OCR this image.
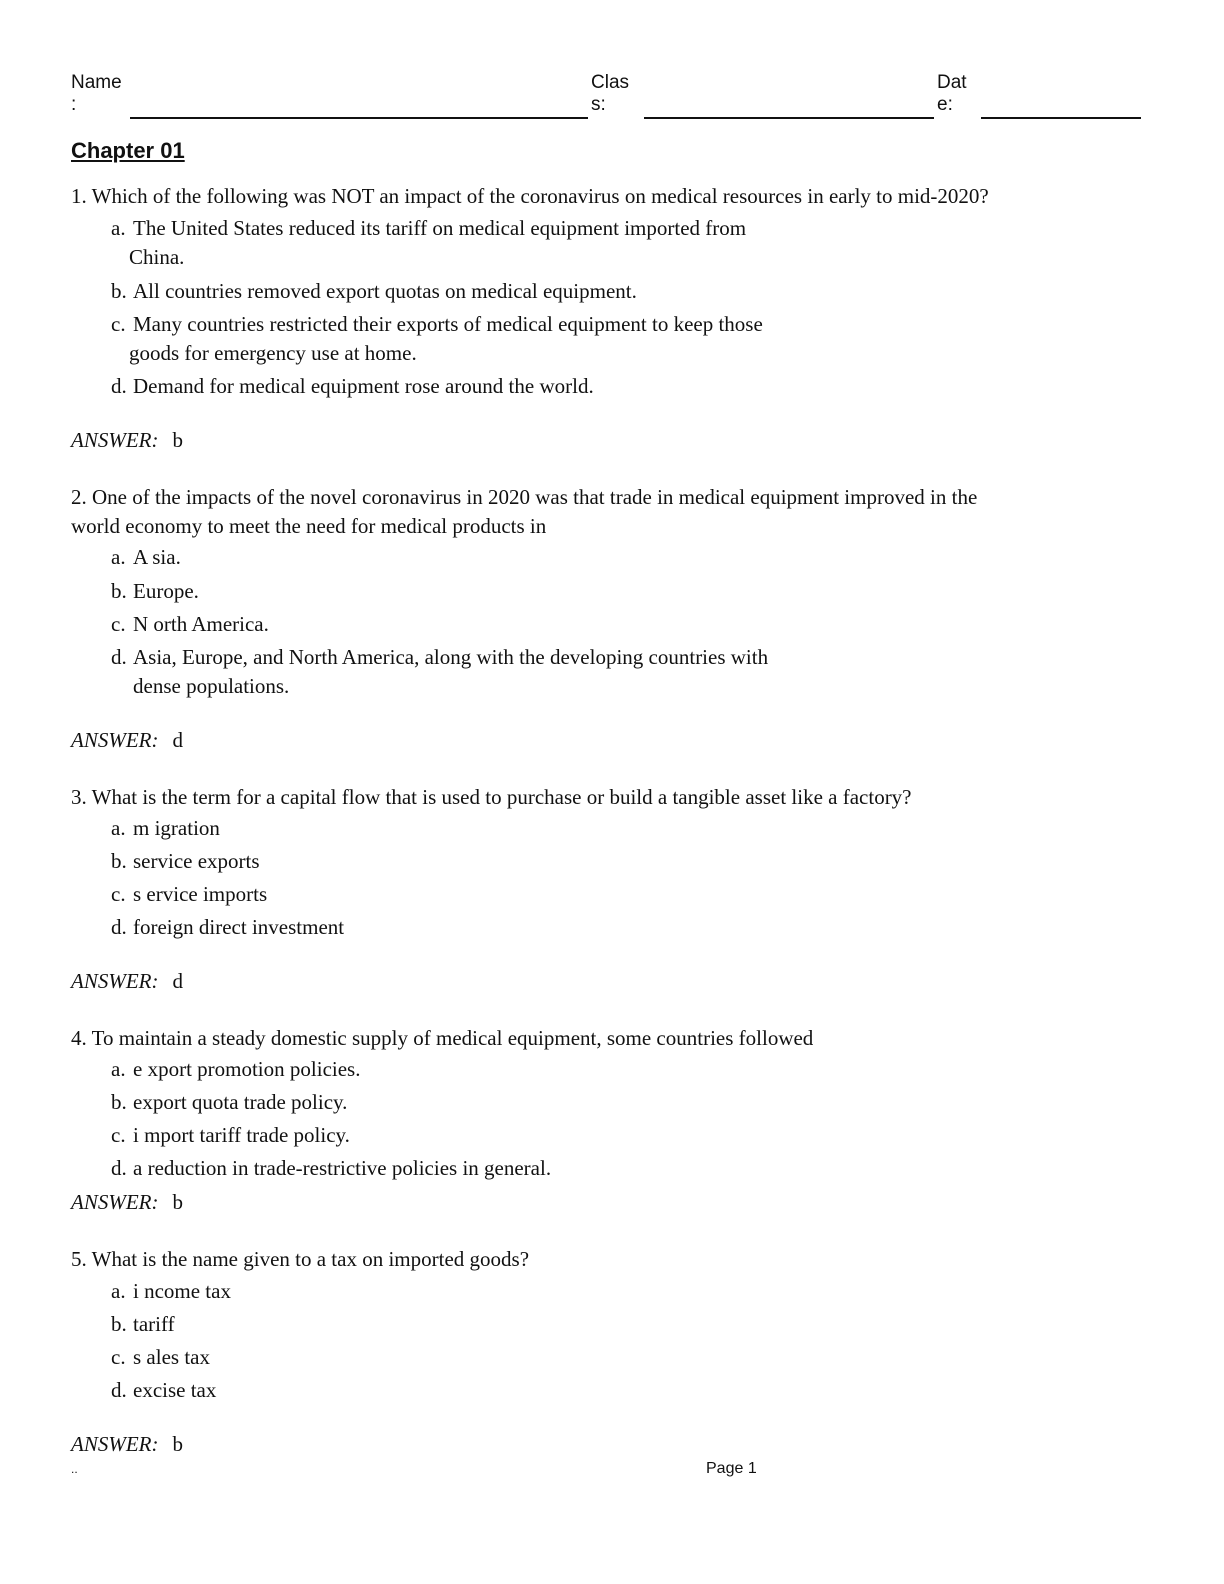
Name
:
Clas
s:
Dat
e:
Chapter 01
1. Which of the following was NOT an impact of the coronavirus on medical resources in early to mid-2020?
a. The United States reduced its tariff on medical equipment imported from
China.
b. All countries removed export quotas on medical equipment.
c. Many countries restricted their exports of medical equipment to keep those
goods for emergency use at home.
d. Demand for medical equipment rose around the world.
ANSWER: b
2. One of the impacts of the novel coronavirus in 2020 was that trade in medical equipment improved in the
world economy to meet the need for medical products in
a. A sia.
b. Europe.
c. N orth America.
d. Asia, Europe, and North America, along with the developing countries with
dense populations.
ANSWER: d
3. What is the term for a capital flow that is used to purchase or build a tangible asset like a factory?
a. m igration
b. service exports
c. s ervice imports
d. foreign direct investment
ANSWER: d
4. To maintain a steady domestic supply of medical equipment, some countries followed
a. e xport promotion policies.
b. export quota trade policy.
c. i mport tariff trade policy.
d. a reduction in trade-restrictive policies in general.
ANSWER: b
5. What is the name given to a tax on imported goods?
a. i ncome tax
b. tariff
c. s ales tax
d. excise tax
ANSWER: b
..	Page 1
